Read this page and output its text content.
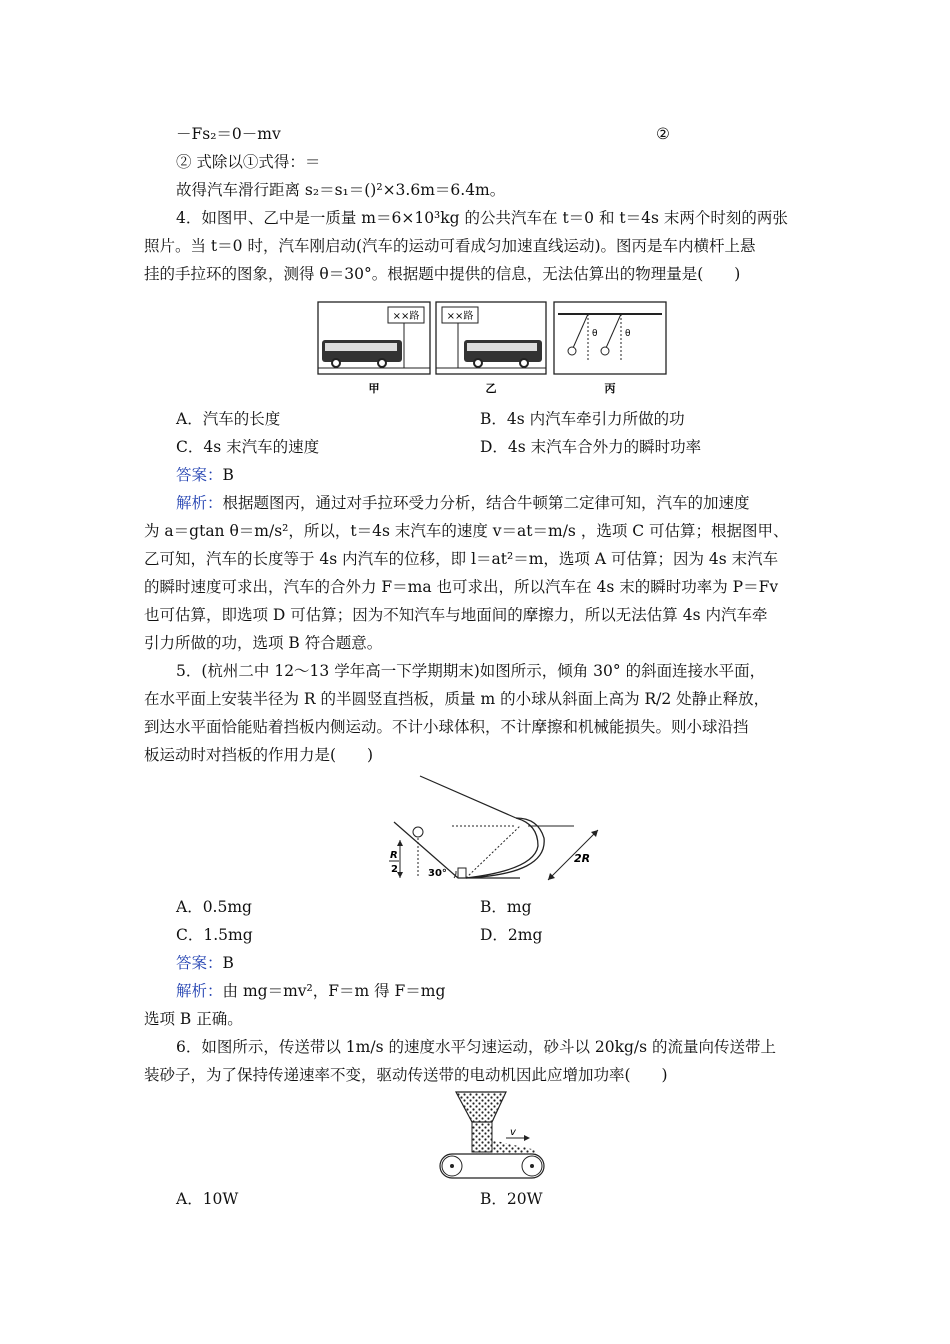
－Fs₂＝0－mv	②
② 式除以①式得：＝
故得汽车滑行距离 s₂＝s₁＝()²×3.6m＝6.4m。
4．如图甲、乙中是一质量 m＝6×10³kg 的公共汽车在 t＝0 和 t＝4s 末两个时刻的两张
照片。当 t＝0 时，汽车刚启动(汽车的运动可看成匀加速直线运动)。图丙是车内横杆上悬
挂的手拉环的图象，测得 θ＝30°。根据题中提供的信息，无法估算出的物理量是(　　)
××路	××路
θ	θ
甲	乙	丙
A．汽车的长度	B．4s 内汽车牵引力所做的功
C．4s 末汽车的速度	D．4s 末汽车合外力的瞬时功率
答案：B
解析：根据题图丙，通过对手拉环受力分析，结合牛顿第二定律可知，汽车的加速度
为 a＝gtan θ＝m/s²，所以，t＝4s 末汽车的速度 v＝at＝m/s ，选项 C 可估算；根据图甲、
乙可知，汽车的长度等于 4s 内汽车的位移，即 l＝at²＝m，选项 A 可估算；因为 4s 末汽车
的瞬时速度可求出，汽车的合外力 F＝ma 也可求出，所以汽车在 4s 末的瞬时功率为 P＝Fv
也可估算，即选项 D 可估算；因为不知汽车与地面间的摩擦力，所以无法估算 4s 内汽车牵
引力所做的功，选项 B 符合题意。
5．(杭州二中 12～13 学年高一下学期期末)如图所示，倾角 30° 的斜面连接水平面，
在水平面上安装半径为 R 的半圆竖直挡板，质量 m 的小球从斜面上高为 R/2 处静止释放，
到达水平面恰能贴着挡板内侧运动。不计小球体积，不计摩擦和机械能损失。则小球沿挡
板运动时对挡板的作用力是(　　)
R
2	30°
2R
A．0.5mg	B．mg
C．1.5mg	D．2mg
答案：B
解析：由 mg＝mv²，F＝m 得 F＝mg
选项 B 正确。
6．如图所示，传送带以 1m/s 的速度水平匀速运动，砂斗以 20kg/s 的流量向传送带上
装砂子，为了保持传递速率不变，驱动传送带的电动机因此应增加功率(　　)
v
A．10W	B．20W
